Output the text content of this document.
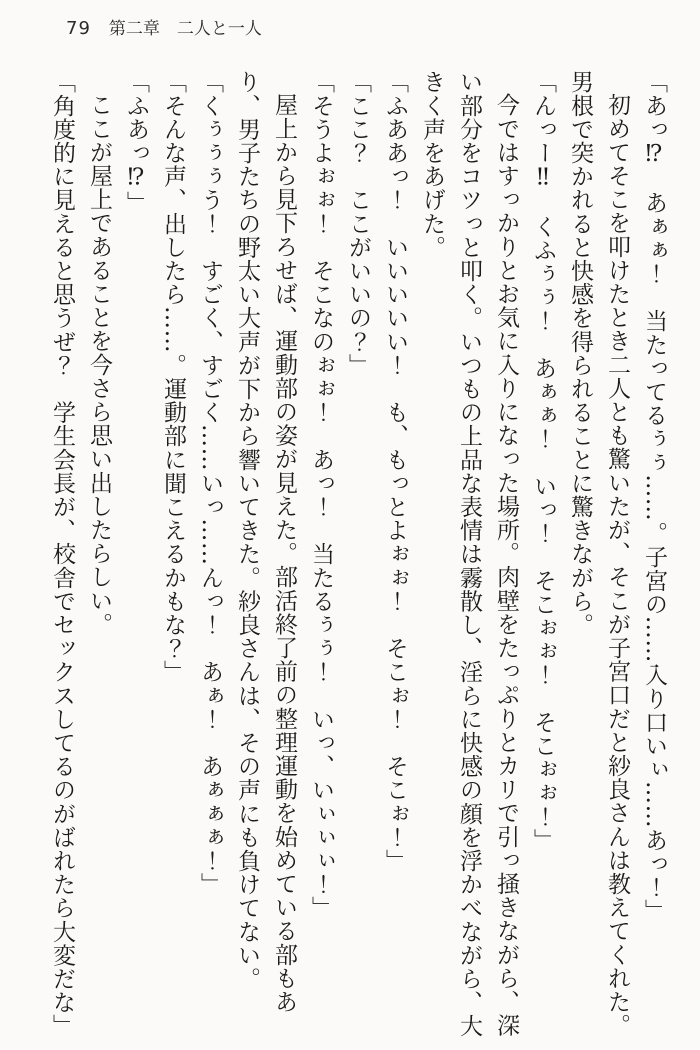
79 第二章　二人と一人

「あっ⁉　あぁぁ！　当たってるぅぅ……。子宮の……入り口いぃ……あっ！」

初めてそこを叩けたとき二人とも驚いたが、そこが子宮口だと紗良さんは教えてくれた。男根で突かれると快感を得られることに驚きながら。

「んっー‼　くふぅぅ！　あぁぁ！　いっ！　そこぉぉ！　そこぉぉ！」

今ではすっかりとお気に入りになった場所。肉壁をたっぷりとカリで引っ掻きながら、深い部分をコツっと叩く。いつもの上品な表情は霧散し、淫らに快感の顔を浮かべながら、大きく声をあげた。

「ふああっ！　いいいいい！　も、もっとよぉぉ！　そこぉ！　そこぉ！」

「ここ？　ここがいいの？」

「そうよぉぉ！　そこなのぉぉ！　あっ！　当たるぅぅ！　いっ、いぃぃぃ！」

屋上から見下ろせば、運動部の姿が見えた。部活終了前の整理運動を始めている部もあり、男子たちの野太い大声が下から響いてきた。紗良さんは、その声にも負けてない。

「くぅぅぅう！　すごく、すごく……いっ……んっ！　あぁ！　あぁぁぁ！」

「そんな声、出したら……。運動部に聞こえるかもな？」

「ふあっ⁉」

ここが屋上であることを今さら思い出したらしい。

「角度的に見えると思うぜ？　学生会長が、校舎でセックスしてるのがばれたら大変だな」
